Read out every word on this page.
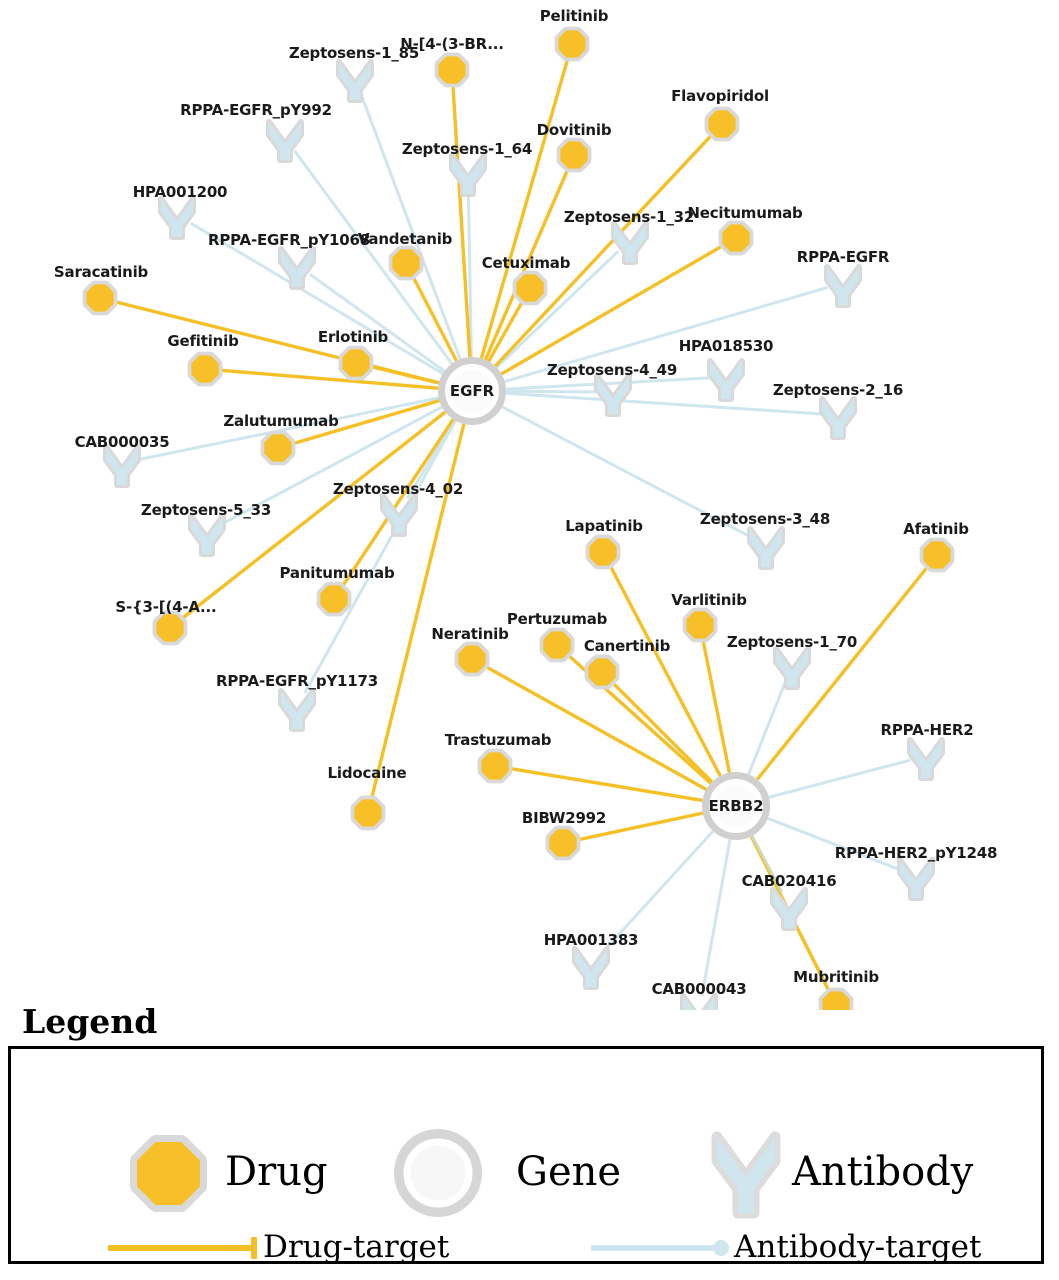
Pelitinib
N-[4-(3-BR...
Flavopiridol
Dovitinib
Necitumumab
Vandetanib
Cetuximab
Saracatinib
Gefitinib	Erlotinib
Zalutumumab
Afatinib
Lapatinib
Varlitinib
Panitumumab
S-{3-[(4-A...
Pertuzumab
Neratinib
Canertinib
Trastuzumab
Lidocaine
BIBW2992
Mubritinib
Zeptosens-1_85
RPPA-EGFR_pY992
Zeptosens-1_64
HPA001200
Zeptosens-1_32
RPPA-EGFR_pY1068
RPPA-EGFR
HPA018530
Zeptosens-4_49
Zeptosens-2_16
CAB000035
Zeptosens-4_02
Zeptosens-5_33	Zeptosens-3_48
RPPA-EGFR_pY1173
Zeptosens-1_70
RPPA-HER2
RPPA-HER2_pY1248
CAB020416
HPA001383
CAB000043
EGFR
ERBB2
Legend
Drug	Gene	Antibody
Drug-target	Antibody-target
